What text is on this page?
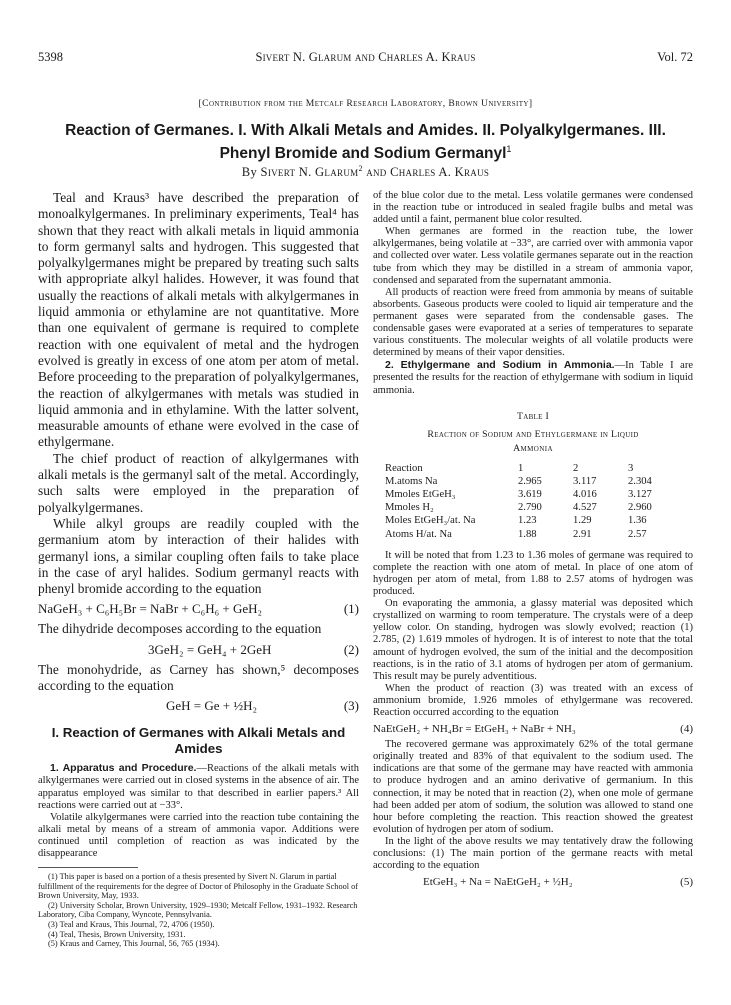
5398	Sivert N. Glarum and Charles A. Kraus	Vol. 72
[Contribution from the Metcalf Research Laboratory, Brown University]
Reaction of Germanes. I. With Alkali Metals and Amides. II. Polyalkylgermanes. III. Phenyl Bromide and Sodium Germanyl$^1$
By Sivert N. Glarum$^2$ and Charles A. Kraus

Teal and Kraus³ have described the preparation of monoalkylgermanes. In preliminary experiments, Teal⁴ has shown that they react with alkali metals in liquid ammonia to form germanyl salts and hydrogen. This suggested that polyalkylgermanes might be prepared by treating such salts with appropriate alkyl halides. However, it was found that usually the reactions of alkali metals with alkylgermanes in liquid ammonia or ethylamine are not quantitative. More than one equivalent of germane is required to complete reaction with one equivalent of metal and the hydrogen evolved is greatly in excess of one atom per atom of metal. Before proceeding to the preparation of polyalkylgermanes, the reaction of alkylgermanes with metals was studied in liquid ammonia and in ethylamine. With the latter solvent, measurable amounts of ethane were evolved in the case of ethylgermane.

The chief product of reaction of alkylgermanes with alkali metals is the germanyl salt of the metal. Accordingly, such salts were employed in the preparation of polyalkylgermanes.

While alkyl groups are readily coupled with the germanium atom by interaction of their halides with germanyl ions, a similar coupling often fails to take place in the case of aryl halides. Sodium germanyl reacts with phenyl bromide according to the equation

NaGeH₃ + C₆H₅Br = NaBr + C₆H₆ + GeH₂	(1)

The dihydride decomposes according to the equation

3GeH₂ = GeH₄ + 2GeH	(2)

The monohydride, as Carney has shown,⁵ decomposes according to the equation

GeH = Ge + ½H₂	(3)
I. Reaction of Germanes with Alkali Metals and Amides

1. Apparatus and Procedure.—Reactions of the alkali metals with alkylgermanes were carried out in closed systems in the absence of air. The apparatus employed was similar to that described in earlier papers.³ All reactions were carried out at −33°.

Volatile alkylgermanes were carried into the reaction tube containing the alkali metal by means of a stream of ammonia vapor. Additions were continued until completion of reaction as was indicated by the disappearance

(1) This paper is based on a portion of a thesis presented by Sivert N. Glarum in partial fulfillment of the requirements for the degree of Doctor of Philosophy in the Graduate School of Brown University, May, 1933.

(2) University Scholar, Brown University, 1929–1930; Metcalf Fellow, 1931–1932. Research Laboratory, Ciba Company, Wyncote, Pennsylvania.

(3) Teal and Kraus, This Journal, 72, 4706 (1950).

(4) Teal, Thesis, Brown University, 1931.

(5) Kraus and Carney, This Journal, 56, 765 (1934).

of the blue color due to the metal. Less volatile germanes were condensed in the reaction tube or introduced in sealed fragile bulbs and metal was added until a faint, permanent blue color resulted.

When germanes are formed in the reaction tube, the lower alkylgermanes, being volatile at −33°, are carried over with ammonia vapor and collected over water. Less volatile germanes separate out in the reaction tube from which they may be distilled in a stream of ammonia vapor, condensed and separated from the supernatant ammonia.

All products of reaction were freed from ammonia by means of suitable absorbents. Gaseous products were cooled to liquid air temperature and the permanent gases were separated from the condensable gases. The condensable gases were evaporated at a series of temperatures to separate various constituents. The molecular weights of all volatile products were determined by means of their vapor densities.

2. Ethylgermane and Sodium in Ammonia.—In Table I are presented the results for the reaction of ethylgermane with sodium in liquid ammonia.

Table I
Reaction of Sodium and Ethylgermane in Liquid
Ammonia
Reaction	1	2	3
M.atoms Na	2.965	3.117	2.304
Mmoles EtGeH₃	3.619	4.016	3.127
Mmoles H₂	2.790	4.527	2.960
Moles EtGeH₃/at. Na	1.23	1.29	1.36
Atoms H/at. Na	1.88	2.91	2.57

It will be noted that from 1.23 to 1.36 moles of germane was required to complete the reaction with one atom of metal. In place of one atom of hydrogen per atom of metal, from 1.88 to 2.57 atoms of hydrogen was produced.

On evaporating the ammonia, a glassy material was deposited which crystallized on warming to room temperature. The crystals were of a deep yellow color. On standing, hydrogen was slowly evolved; reaction (1) 2.785, (2) 1.619 mmoles of hydrogen. It is of interest to note that the total amount of hydrogen evolved, the sum of the initial and the decomposition reactions, is in the ratio of 3.1 atoms of hydrogen per atom of germanium. This result may be purely adventitious.

When the product of reaction (3) was treated with an excess of ammonium bromide, 1.926 mmoles of ethylgermane was recovered. Reaction occurred according to the equation

NaEtGeH₂ + NH₄Br = EtGeH₃ + NaBr + NH₃	(4)

The recovered germane was approximately 62% of the total germane originally treated and 83% of that equivalent to the sodium used. The indications are that some of the germane may have reacted with ammonia to produce hydrogen and an amino derivative of germanium. In this connection, it may be noted that in reaction (2), when one mole of germane had been added per atom of sodium, the solution was allowed to stand one hour before completing the reaction. This reaction showed the greatest evolution of hydrogen per atom of sodium.

In the light of the above results we may tentatively draw the following conclusions: (1) The main portion of the germane reacts with metal according to the equation

EtGeH₃ + Na = NaEtGeH₂ + ½H₂	(5)
